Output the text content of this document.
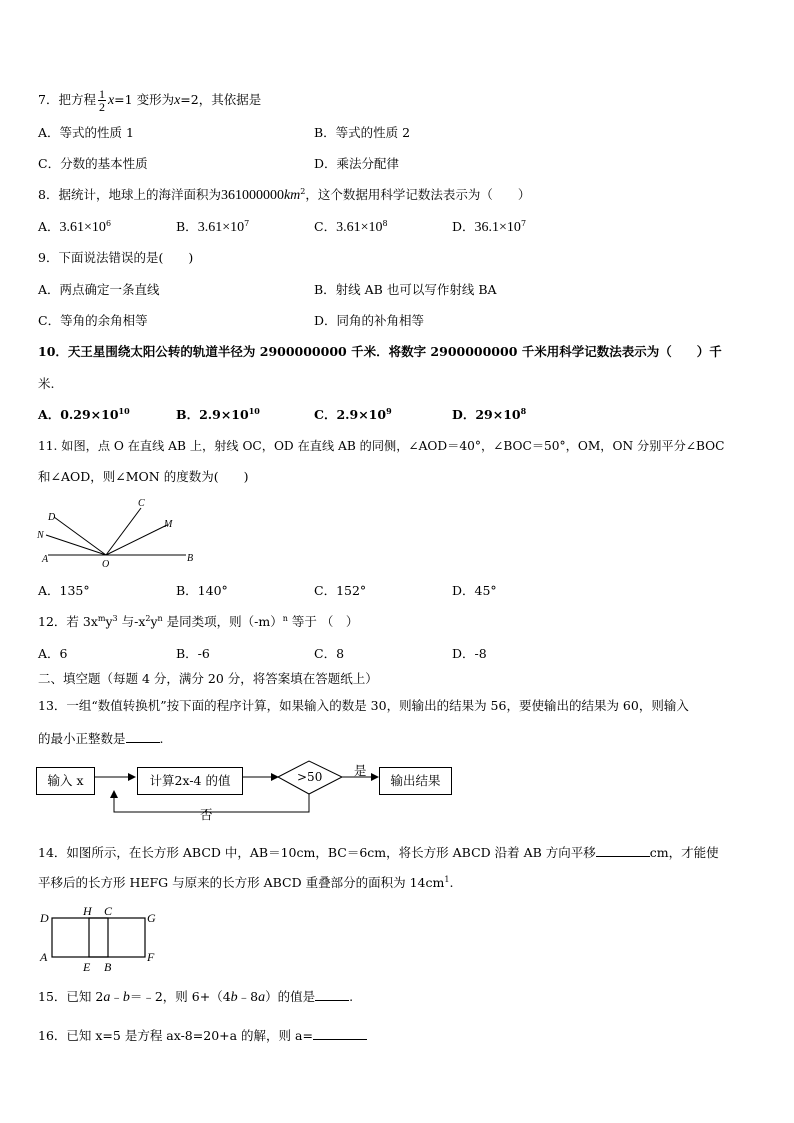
7．把方程 $\frac{1}{2} x=1$ 变形为x=2，其依据是
A．等式的性质 1	B．等式的性质 2
C．分数的基本性质	D．乘法分配律
8．据统计，地球上的海洋面积为$361000000km^2$，这个数据用科学记数法表示为（　　）
A．$3.61\times 10^6$	B．$3.61\times 10^7$	C．$3.61\times 10^8$	D．$36.1\times 10^7$
9．下面说法错误的是(　　)
A．两点确定一条直线	B．射线 AB 也可以写作射线 BA
C．等角的余角相等	D．同角的补角相等
10．天王星围绕太阳公转的轨道半径为 2900000000 千米．将数字 2900000000 千米用科学记数法表示为（　　）千
米.
A．$0.29\times 10^{10}$	B．$2.9\times 10^{10}$	C．$2.9\times 10^9$	D．$29\times 10^8$
11. 如图，点 O 在直线 AB 上，射线 OC，OD 在直线 AB 的同侧，∠AOD＝40°，∠BOC＝50°，OM，ON 分别平分∠BOC
和∠AOD，则∠MON 的度数为(　　)
D
N
C
M
A	O
B
A．135°	B．140°	C．152°	D．45°
12．若 $3x^my^3$ 与$-x^2y^n$ 是同类项，则$(-m)^n$ 等于 （　）
A．6	B．-6	C．8	D．-8
二、填空题（每题 4 分，满分 20 分，将答案填在答题纸上）
13．一组“数值转换机”按下面的程序计算，如果输入的数是 30，则输出的结果为 56，要使输出的结果为 60，则输入
的最小正整数是	.
输入 x	计算2x-4 的值	>50	是
输出结果
否
14．如图所示，在长方形 ABCD 中，AB＝10cm，BC＝6cm，将长方形 ABCD 沿着 AB 方向平移	cm，才能使
平移后的长方形 HEFG 与原来的长方形 ABCD 重叠部分的面积为 $14cm^1$.
D	H C	G
A
E B
F
15．已知 2a﹣b＝﹣2，则 6+（4b﹣8a）的值是	.
16．已知 x=5 是方程 ax-8=20+a 的解，则 a=
